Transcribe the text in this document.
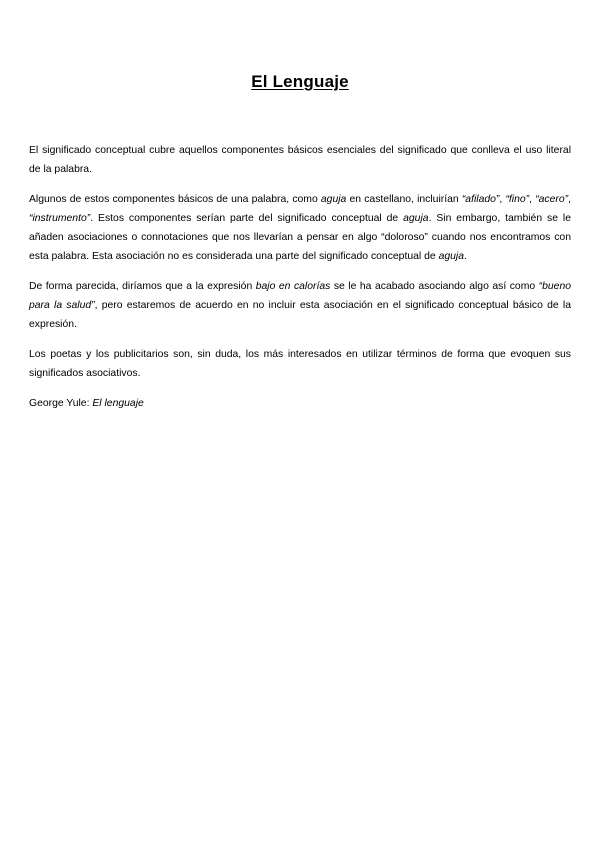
El Lenguaje

El significado conceptual cubre aquellos componentes básicos esenciales del significado que conlleva el uso literal de la palabra.

Algunos de estos componentes básicos de una palabra, como aguja en castellano, incluirían “afilado”, “fino”, “acero”, “instrumento”. Estos componentes serían parte del significado conceptual de aguja. Sin embargo, también se le añaden asociaciones o connotaciones que nos llevarían a pensar en algo “doloroso” cuando nos encontramos con esta palabra. Esta asociación no es considerada una parte del significado conceptual de aguja.

De forma parecida, diríamos que a la expresión bajo en calorías se le ha acabado asociando algo así como “bueno para la salud”, pero estaremos de acuerdo en no incluir esta asociación en el significado conceptual básico de la expresión.

Los poetas y los publicitarios son, sin duda, los más interesados en utilizar términos de forma que evoquen sus significados asociativos.

George Yule: El lenguaje
